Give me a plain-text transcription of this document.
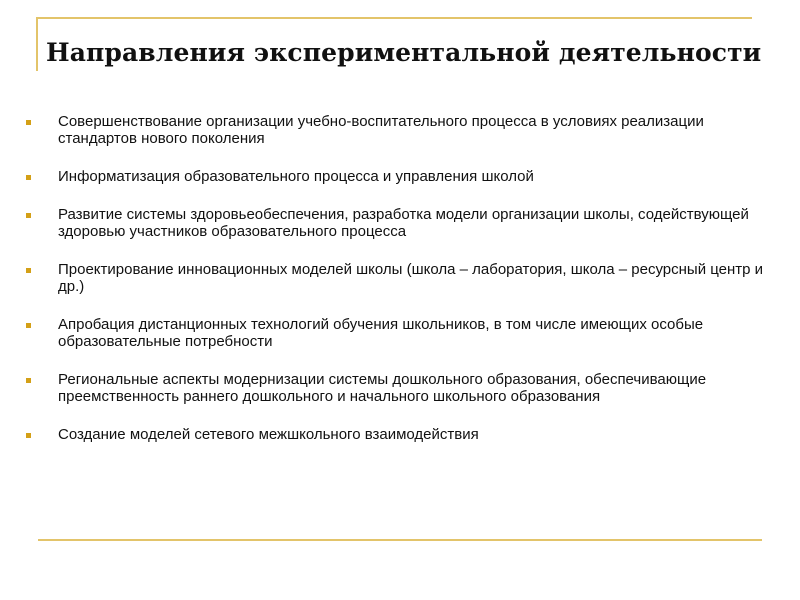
Направления экспериментальной деятельности
Совершенствование организации учебно-воспитательного процесса в условиях реализации стандартов нового поколения
Информатизация образовательного процесса и управления школой
Развитие системы здоровьеобеспечения, разработка модели организации школы, содействующей здоровью участников образовательного процесса
Проектирование инновационных моделей школы (школа – лаборатория, школа – ресурсный центр и др.)
Апробация дистанционных технологий обучения школьников, в том числе имеющих особые образовательные потребности
Региональные аспекты модернизации системы дошкольного образования, обеспечивающие преемственность раннего дошкольного и начального школьного образования
Создание моделей сетевого межшкольного взаимодействия
